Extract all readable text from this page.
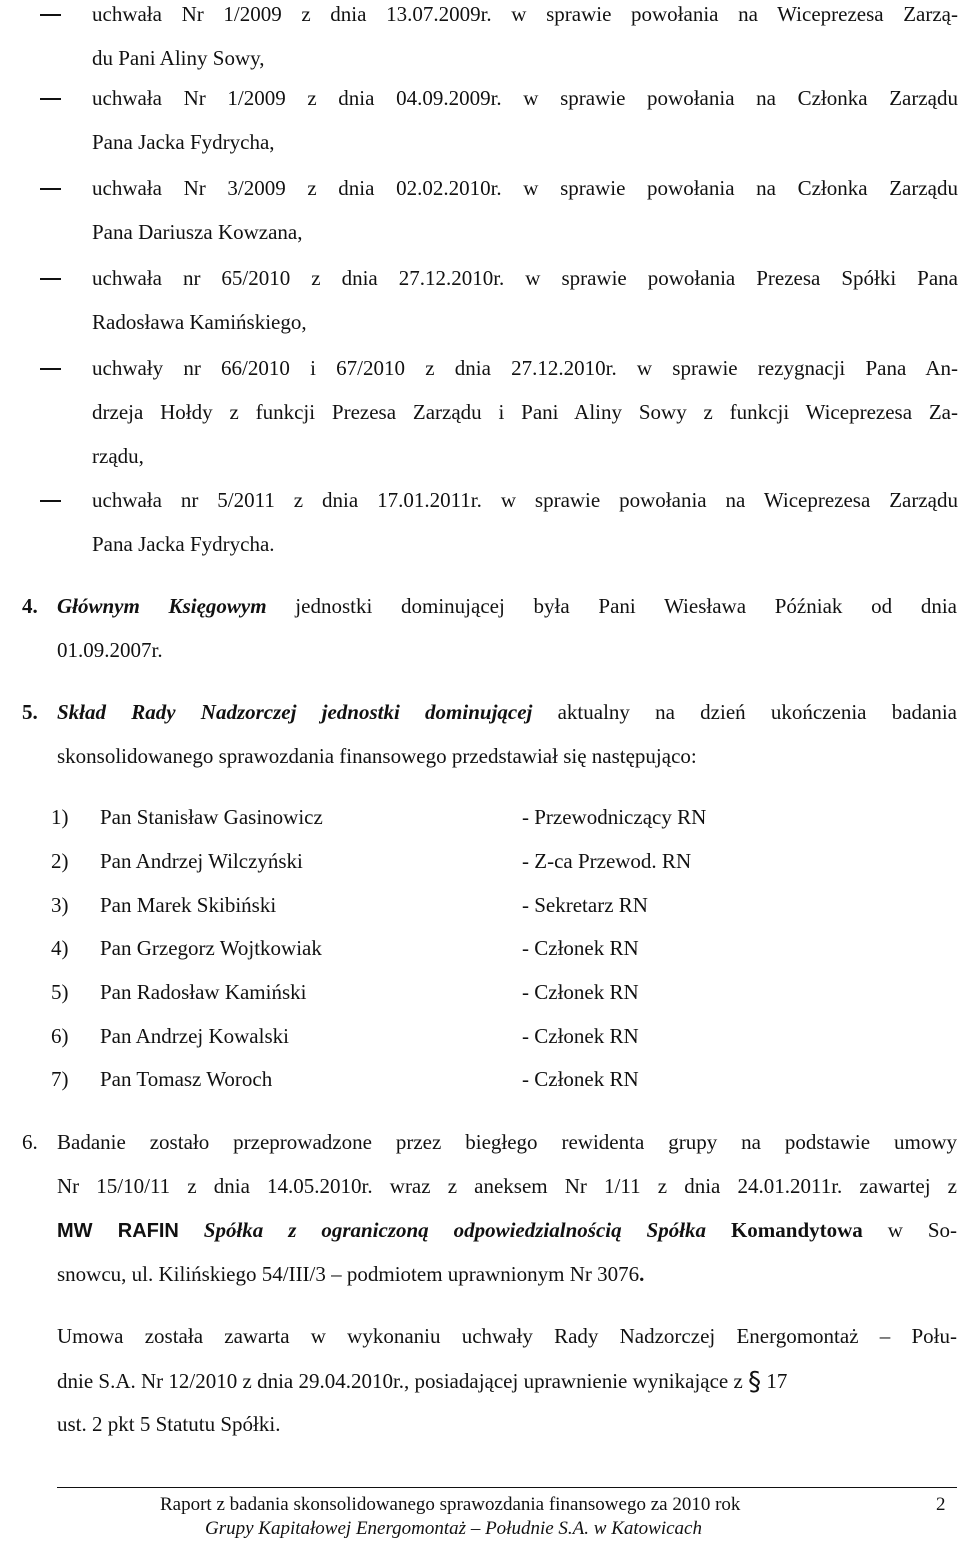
uchwała Nr 1/2009 z dnia 13.07.2009r. w sprawie powołania na Wiceprezesa Zarzą-
du Pani Aliny Sowy,
uchwała Nr 1/2009 z dnia 04.09.2009r. w sprawie powołania na Członka Zarządu
Pana Jacka Fydrycha,
uchwała Nr 3/2009 z dnia 02.02.2010r. w sprawie powołania na Członka Zarządu
Pana Dariusza Kowzana,
uchwała nr 65/2010 z dnia 27.12.2010r. w sprawie powołania Prezesa Spółki Pana
Radosława Kamińskiego,
uchwały nr 66/2010 i 67/2010 z dnia 27.12.2010r. w sprawie rezygnacji Pana An-
drzeja Hołdy z funkcji Prezesa Zarządu i Pani Aliny Sowy z funkcji Wiceprezesa Za-
rządu,
uchwała nr 5/2011 z dnia 17.01.2011r. w sprawie powołania na Wiceprezesa Zarządu
Pana Jacka Fydrycha.
4. Głównym Księgowym jednostki dominującej była Pani Wiesława Późniak od dnia
01.09.2007r.
5. Skład Rady Nadzorczej jednostki dominującej aktualny na dzień ukończenia badania
skonsolidowanego sprawozdania finansowego przedstawiał się następująco:
1) Pan Stanisław Gasinowicz	- Przewodniczący RN
2) Pan Andrzej Wilczyński	- Z-ca Przewod. RN
3) Pan Marek Skibiński	- Sekretarz RN
4) Pan Grzegorz Wojtkowiak	- Członek RN
5) Pan Radosław Kamiński	- Członek RN
6) Pan Andrzej Kowalski	- Członek RN
7) Pan Tomasz Woroch	- Członek RN
6. Badanie zostało przeprowadzone przez biegłego rewidenta grupy na podstawie umowy
Nr 15/10/11 z dnia 14.05.2010r. wraz z aneksem Nr 1/11 z dnia 24.01.2011r. zawartej z
MW RAFIN Spółka z ograniczoną odpowiedzialnością Spółka Komandytowa w So-
snowcu, ul. Kilińskiego 54/III/3 – podmiotem uprawnionym Nr 3076.
Umowa została zawarta w wykonaniu uchwały Rady Nadzorczej Energomontaż – Połu-
dnie S.A. Nr 12/2010 z dnia 29.04.2010r., posiadającej uprawnienie wynikające z § 17
ust. 2 pkt 5 Statutu Spółki.
Raport z badania skonsolidowanego sprawozdania finansowego za 2010 rok
Grupy Kapitałowej Energomontaż – Południe S.A. w Katowicach
2
